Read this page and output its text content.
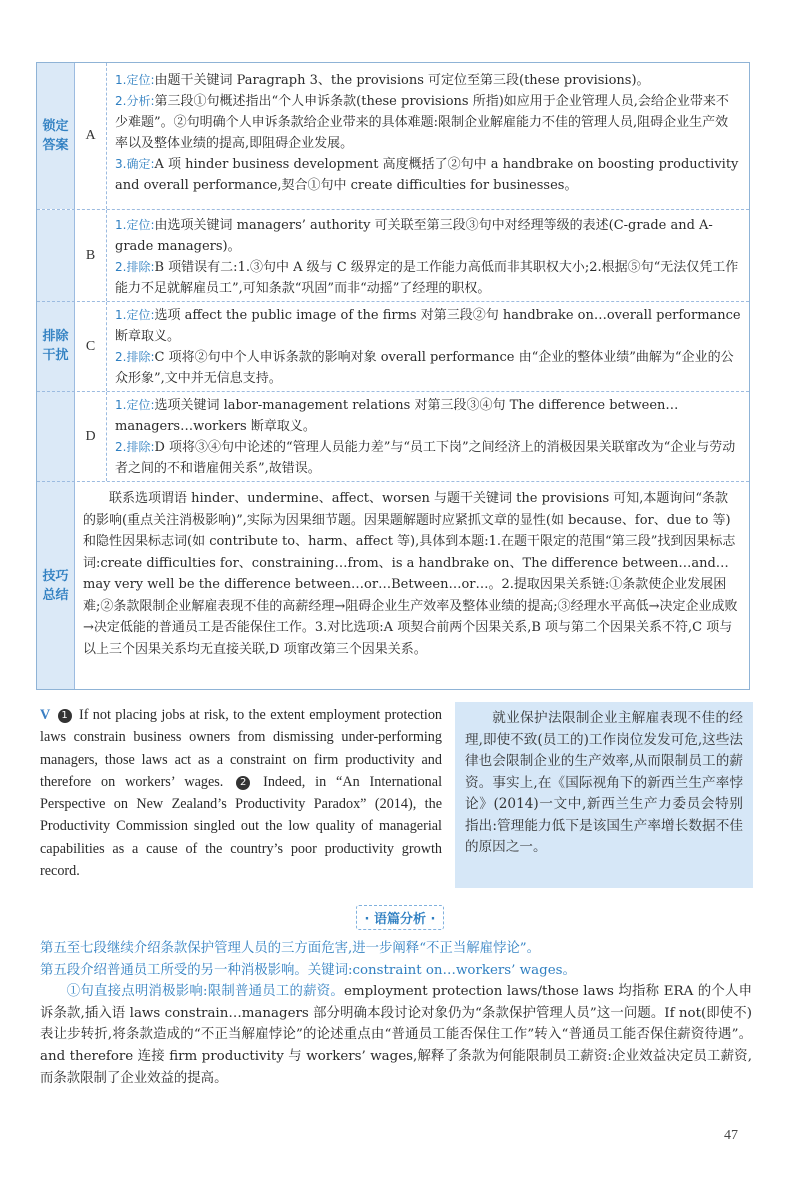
锁定答案
A

1.定位:由题干关键词 Paragraph 3、the provisions 可定位至第三段(these provisions)。

2.分析:第三段①句概述指出“个人申诉条款(these provisions 所指)如应用于企业管理人员,会给企业带来不少难题”。②句明确个人申诉条款给企业带来的具体难题:限制企业解雇能力不佳的管理人员,阻碍企业生产效率以及整体业绩的提高,即阻碍企业发展。

3.确定:A 项 hinder business development 高度概括了②句中 a handbrake on boosting productivity and overall performance,契合①句中 create difficulties for businesses。

排除干扰
B

1.定位:由选项关键词 managers’ authority 可关联至第三段③句中对经理等级的表述(C-grade and A-grade managers)。

2.排除:B 项错误有二:1.③句中 A 级与 C 级界定的是工作能力高低而非其职权大小;2.根据⑤句“无法仅凭工作能力不足就解雇员工”,可知条款“巩固”而非“动摇”了经理的职权。

C

1.定位:选项 affect the public image of the firms 对第三段②句 handbrake on…overall performance 断章取义。

2.排除:C 项将②句中个人申诉条款的影响对象 overall performance 由“企业的整体业绩”曲解为“企业的公众形象”,文中并无信息支持。

D

1.定位:选项关键词 labor-management relations 对第三段③④句 The difference between…managers…workers 断章取义。

2.排除:D 项将③④句中论述的“管理人员能力差”与“员工下岗”之间经济上的消极因果关联窜改为“企业与劳动者之间的不和谐雇佣关系”,故错误。

技巧总结
联系选项谓语 hinder、undermine、affect、worsen 与题干关键词 the provisions 可知,本题询问“条款的影响(重点关注消极影响)”,实际为因果细节题。因果题解题时应紧抓文章的显性(如 because、for、due to 等)和隐性因果标志词(如 contribute to、harm、affect 等),具体到本题:1.在题干限定的范围“第三段”找到因果标志词:create difficulties for、constraining…from、is a handbrake on、The difference between…and…may very well be the difference between…or…Between…or…。2.提取因果关系链:①条款使企业发展困难;②条款限制企业解雇表现不佳的高薪经理→阻碍企业生产效率及整体业绩的提高;③经理水平高低→决定企业成败→决定低能的普通员工是否能保住工作。3.对比选项:A 项契合前两个因果关系,B 项与第二个因果关系不符,C 项与以上三个因果关系均无直接关联,D 项窜改第三个因果关系。
V 1 If not placing jobs at risk, to the extent employment protection laws constrain business owners from dismissing under-performing managers, those laws act as a constraint on firm productivity and therefore on workers’ wages. 2 Indeed, in “An International Perspective on New Zealand’s Productivity Paradox” (2014), the Productivity Commission singled out the low quality of managerial capabilities as a cause of the country’s poor productivity growth record.
就业保护法限制企业主解雇表现不佳的经理,即使不致(员工的)工作岗位发发可危,这些法律也会限制企业的生产效率,从而限制员工的薪资。事实上,在《国际视角下的新西兰生产率悖论》(2014)一文中,新西兰生产力委员会特别指出:管理能力低下是该国生产率增长数据不佳的原因之一。
· 语篇分析 ·

第五至七段继续介绍条款保护管理人员的三方面危害,进一步阐释“不正当解雇悖论”。

第五段介绍普通员工所受的另一种消极影响。关键词:constraint on…workers’ wages。

①句直接点明消极影响:限制普通员工的薪资。employment protection laws/those laws 均指称 ERA 的个人申诉条款,插入语 laws constrain…managers 部分明确本段讨论对象仍为“条款保护管理人员”这一问题。If not(即使不)表让步转折,将条款造成的“不正当解雇悖论”的论述重点由“普通员工能否保住工作”转入“普通员工能否保住薪资待遇”。and therefore 连接 firm productivity 与 workers’ wages,解释了条款为何能限制员工薪资:企业效益决定员工薪资,而条款限制了企业效益的提高。

47
